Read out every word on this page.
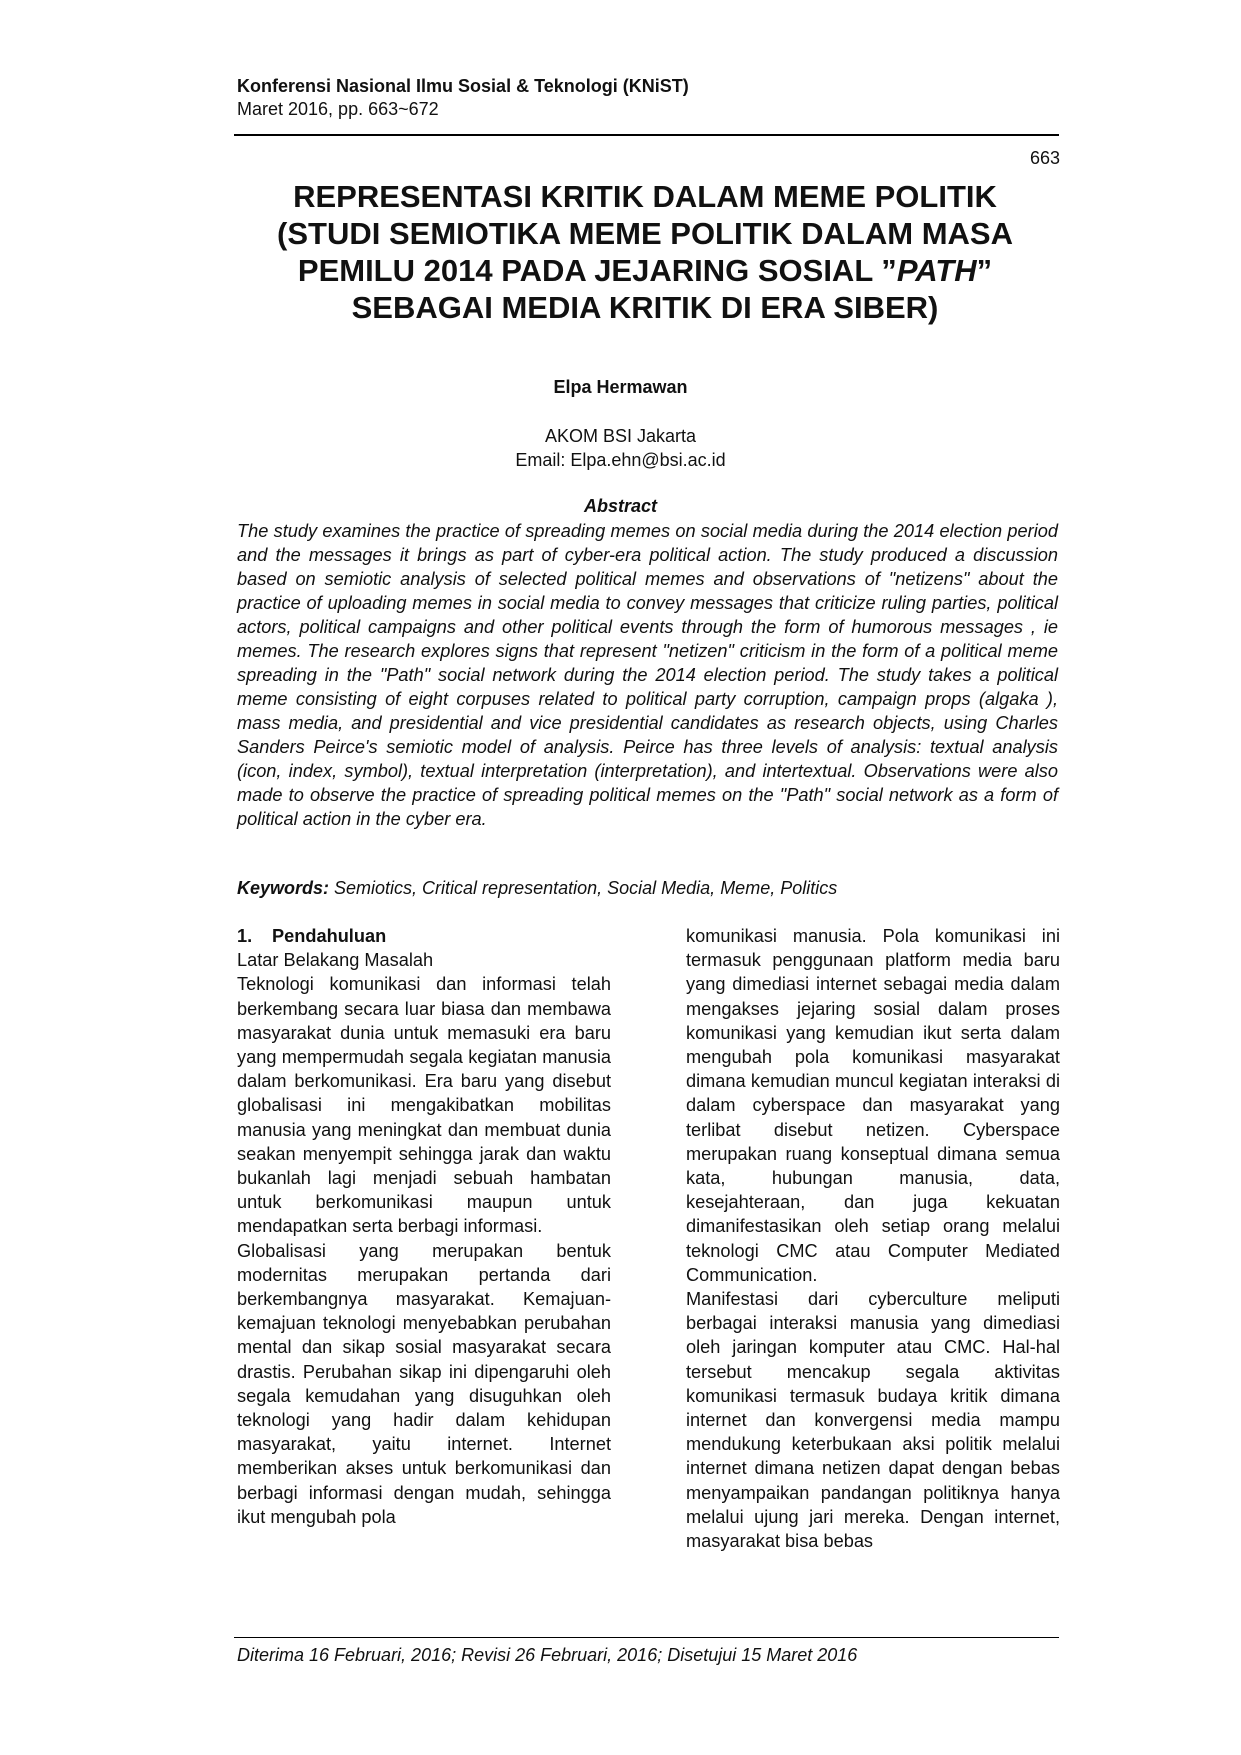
Konferensi Nasional Ilmu Sosial & Teknologi (KNiST)
Maret 2016, pp. 663~672
663
REPRESENTASI KRITIK DALAM MEME POLITIK
(STUDI SEMIOTIKA MEME POLITIK DALAM MASA
PEMILU 2014 PADA JEJARING SOSIAL ”PATH”
SEBAGAI MEDIA KRITIK DI ERA SIBER)
Elpa Hermawan
AKOM BSI Jakarta
Email: Elpa.ehn@bsi.ac.id
Abstract

The study examines the practice of spreading memes on social media during the 2014 election period and the messages it brings as part of cyber-era political action. The study produced a discussion based on semiotic analysis of selected political memes and observations of "netizens" about the practice of uploading memes in social media to convey messages that criticize ruling parties, political actors, political campaigns and other political events through the form of humorous messages , ie memes. The research explores signs that represent "netizen" criticism in the form of a political meme spreading in the "Path" social network during the 2014 election period. The study takes a political meme consisting of eight corpuses related to political party corruption, campaign props (algaka ), mass media, and presidential and vice presidential candidates as research objects, using Charles Sanders Peirce's semiotic model of analysis. Peirce has three levels of analysis: textual analysis (icon, index, symbol), textual interpretation (interpretation), and intertextual. Observations were also made to observe the practice of spreading political memes on the "Path" social network as a form of political action in the cyber era.

Keywords: Semiotics, Critical representation, Social Media, Meme, Politics

1. Pendahuluan

Latar Belakang Masalah

Teknologi komunikasi dan informasi telah berkembang secara luar biasa dan membawa masyarakat dunia untuk memasuki era baru yang mempermudah segala kegiatan manusia dalam berkomunikasi. Era baru yang disebut globalisasi ini mengakibatkan mobilitas manusia yang meningkat dan membuat dunia seakan menyempit sehingga jarak dan waktu bukanlah lagi menjadi sebuah hambatan untuk berkomunikasi maupun untuk mendapatkan serta berbagi informasi.

Globalisasi yang merupakan bentuk modernitas merupakan pertanda dari berkembangnya masyarakat. Kemajuan-kemajuan teknologi menyebabkan perubahan mental dan sikap sosial masyarakat secara drastis. Perubahan sikap ini dipengaruhi oleh segala kemudahan yang disuguhkan oleh teknologi yang hadir dalam kehidupan masyarakat, yaitu internet. Internet memberikan akses untuk berkomunikasi dan berbagi informasi dengan mudah, sehingga ikut mengubah pola

komunikasi manusia. Pola komunikasi ini termasuk penggunaan platform media baru yang dimediasi internet sebagai media dalam mengakses jejaring sosial dalam proses komunikasi yang kemudian ikut serta dalam mengubah pola komunikasi masyarakat dimana kemudian muncul kegiatan interaksi di dalam cyberspace dan masyarakat yang terlibat disebut netizen. Cyberspace merupakan ruang konseptual dimana semua kata, hubungan manusia, data, kesejahteraan, dan juga kekuatan dimanifestasikan oleh setiap orang melalui teknologi CMC atau Computer Mediated Communication.

Manifestasi dari cyberculture meliputi berbagai interaksi manusia yang dimediasi oleh jaringan komputer atau CMC. Hal-hal tersebut mencakup segala aktivitas komunikasi termasuk budaya kritik dimana internet dan konvergensi media mampu mendukung keterbukaan aksi politik melalui internet dimana netizen dapat dengan bebas menyampaikan pandangan politiknya hanya melalui ujung jari mereka. Dengan internet, masyarakat bisa bebas

Diterima 16 Februari, 2016; Revisi 26 Februari, 2016; Disetujui 15 Maret 2016
